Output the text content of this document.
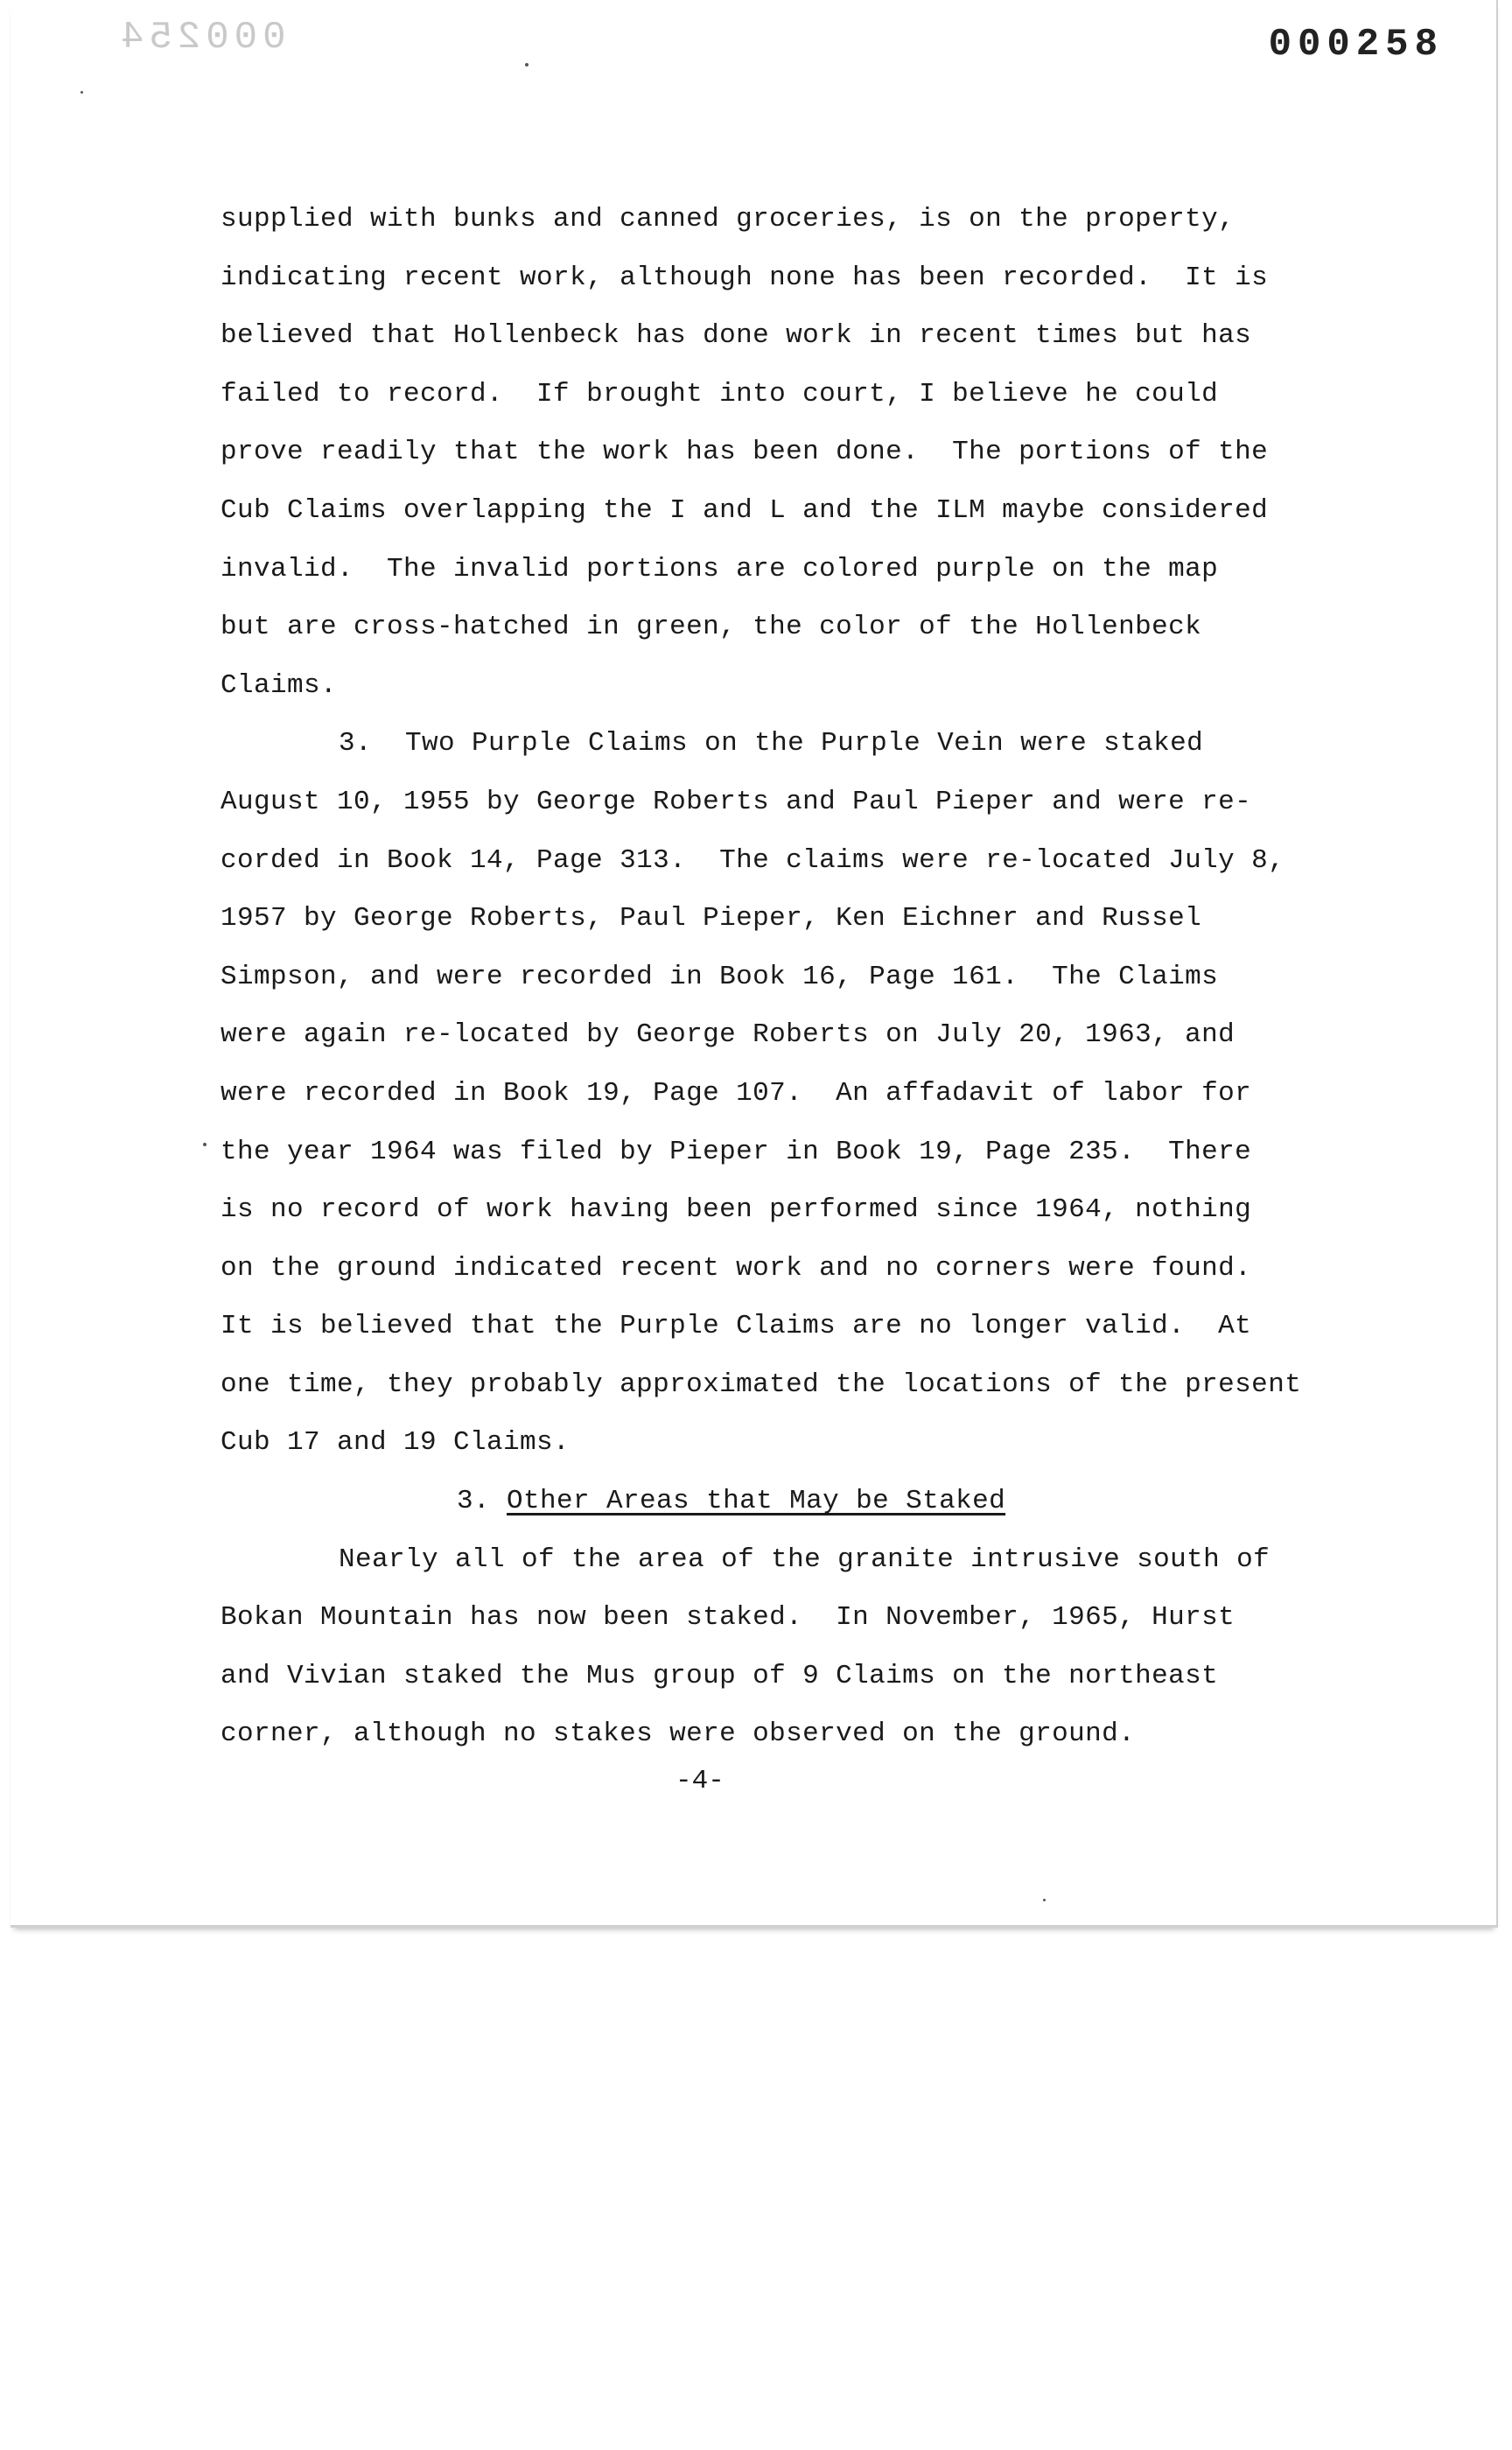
000254	000258
supplied with bunks and canned groceries, is on the property,
indicating recent work, although none has been recorded.  It is
believed that Hollenbeck has done work in recent times but has
failed to record.  If brought into court, I believe he could
prove readily that the work has been done.  The portions of the
Cub Claims overlapping the I and L and the ILM maybe considered
invalid.  The invalid portions are colored purple on the map
but are cross-hatched in green, the color of the Hollenbeck
Claims.
3.  Two Purple Claims on the Purple Vein were staked
August 10, 1955 by George Roberts and Paul Pieper and were re-
corded in Book 14, Page 313.  The claims were re-located July 8,
1957 by George Roberts, Paul Pieper, Ken Eichner and Russel
Simpson, and were recorded in Book 16, Page 161.  The Claims
were again re-located by George Roberts on July 20, 1963, and
were recorded in Book 19, Page 107.  An affadavit of labor for
the year 1964 was filed by Pieper in Book 19, Page 235.  There
is no record of work having been performed since 1964, nothing
on the ground indicated recent work and no corners were found.
It is believed that the Purple Claims are no longer valid.  At
one time, they probably approximated the locations of the present
Cub 17 and 19 Claims.
3. Other Areas that May be Staked
Nearly all of the area of the granite intrusive south of
Bokan Mountain has now been staked.  In November, 1965, Hurst
and Vivian staked the Mus group of 9 Claims on the northeast
corner, although no stakes were observed on the ground.
-4-
